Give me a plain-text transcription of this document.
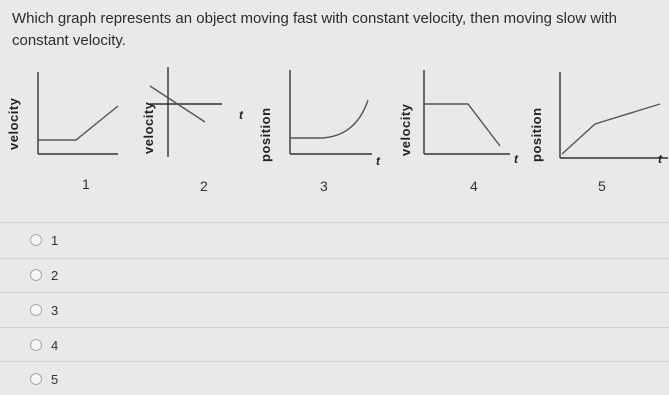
Which graph represents an object moving fast with constant velocity, then moving slow with constant velocity.
velocity	velocity	position	velocity	position
t
t	t	t
1	2	3	4	5
1
2
3
4
5
